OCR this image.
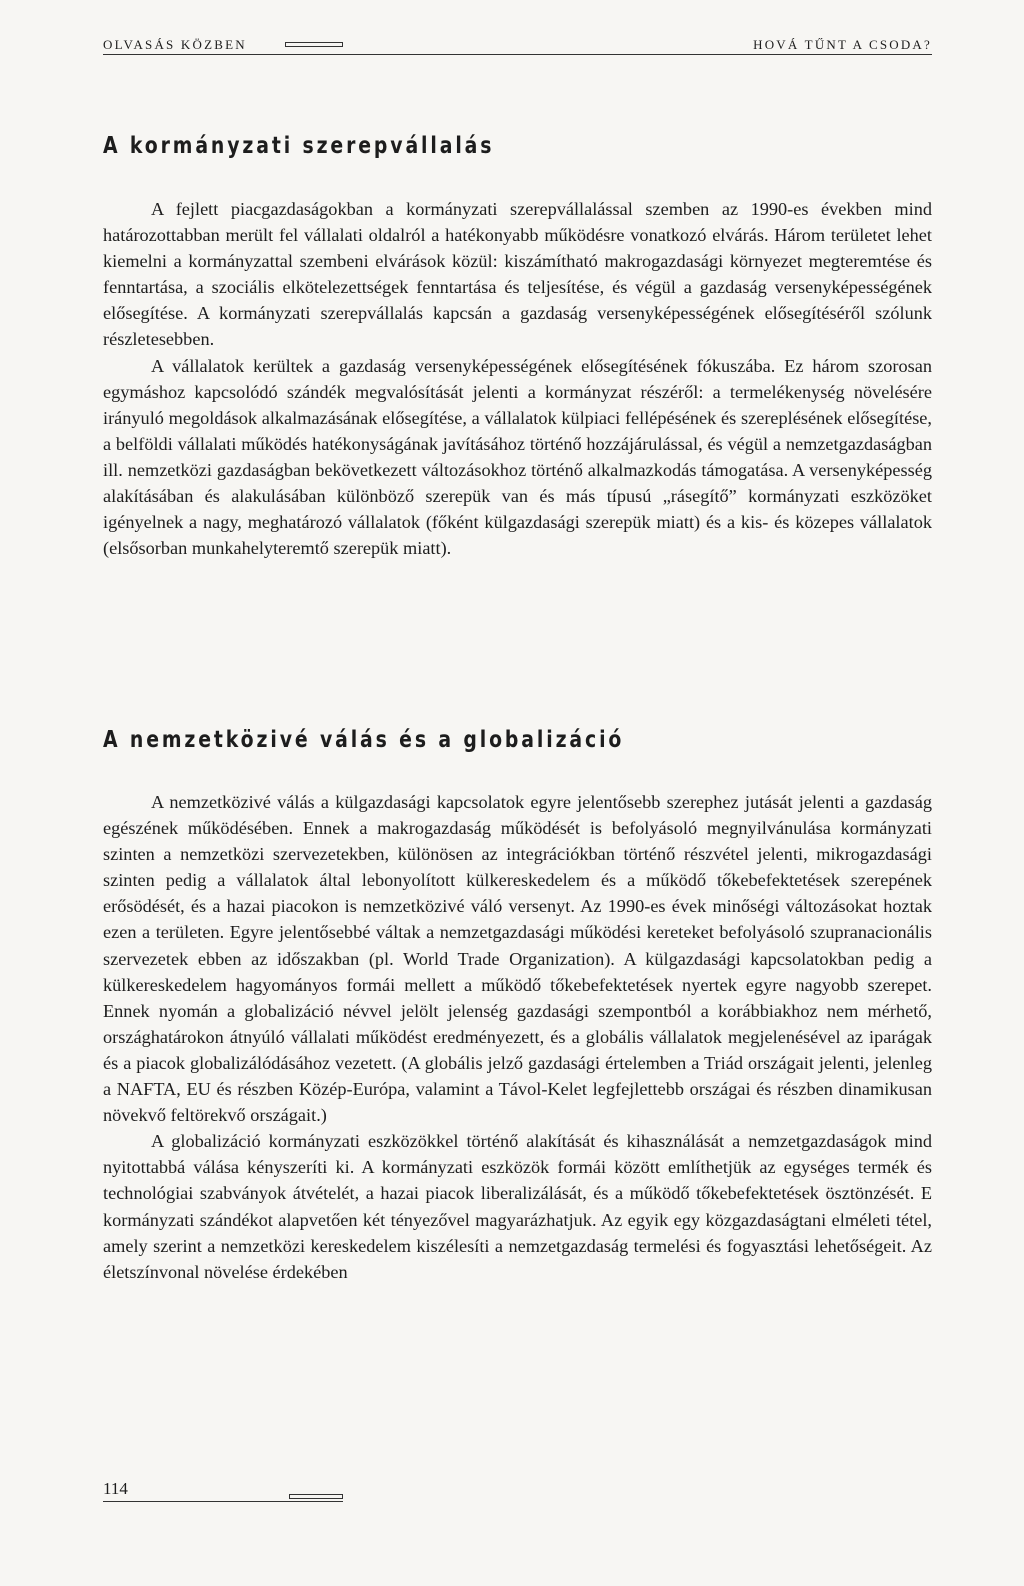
OLVASÁS KÖZBEN	HOVÁ TŰNT A CSODA?
A kormányzati szerepvállalás

A fejlett piacgazdaságokban a kormányzati szerepvállalással szemben az 1990-es években mind határozottabban merült fel vállalati oldalról a hatékonyabb működésre vonatkozó elvárás. Három területet lehet kiemelni a kormányzattal szembeni elvárások közül: kiszámítható makrogazdasági környezet megteremtése és fenntartása, a szociális elkötelezettségek fenntartása és teljesítése, és végül a gazdaság versenyképességének elősegítése. A kormányzati szerepvállalás kapcsán a gazdaság versenyképességének elősegítéséről szólunk részletesebben.

A vállalatok kerültek a gazdaság versenyképességének elősegítésének fókuszába. Ez három szorosan egymáshoz kapcsolódó szándék megvalósítását jelenti a kormányzat részéről: a termelékenység növelésére irányuló megoldások alkalmazásának elősegítése, a vállalatok külpiaci fellépésének és szereplésének elősegítése, a belföldi vállalati működés hatékonyságának javításához történő hozzájárulással, és végül a nemzetgazdaságban ill. nemzetközi gazdaságban bekövetkezett változásokhoz történő alkalmazkodás támogatása. A versenyképesség alakításában és alakulásában különböző szerepük van és más típusú „rásegítő” kormányzati eszközöket igényelnek a nagy, meghatározó vállalatok (főként külgazdasági szerepük miatt) és a kis- és közepes vállalatok (elsősorban munkahelyteremtő szerepük miatt).

A nemzetközivé válás és a globalizáció

A nemzetközivé válás a külgazdasági kapcsolatok egyre jelentősebb szerephez jutását jelenti a gazdaság egészének működésében. Ennek a makrogazdaság működését is befolyásoló megnyilvánulása kormányzati szinten a nemzetközi szervezetekben, különösen az integrációkban történő részvétel jelenti, mikrogazdasági szinten pedig a vállalatok által lebonyolított külkereskedelem és a működő tőkebefektetések szerepének erősödését, és a hazai piacokon is nemzetközivé váló versenyt. Az 1990-es évek minőségi változásokat hoztak ezen a területen. Egyre jelentősebbé váltak a nemzetgazdasági működési kereteket befolyásoló szupranacionális szervezetek ebben az időszakban (pl. World Trade Organization). A külgazdasági kapcsolatokban pedig a külkereskedelem hagyományos formái mellett a működő tőkebefektetések nyertek egyre nagyobb szerepet. Ennek nyomán a globalizáció névvel jelölt jelenség gazdasági szempontból a korábbiakhoz nem mérhető, országhatárokon átnyúló vállalati működést eredményezett, és a globális vállalatok megjelenésével az iparágak és a piacok globalizálódásához vezetett. (A globális jelző gazdasági értelemben a Triád országait jelenti, jelenleg a NAFTA, EU és részben Közép-Európa, valamint a Távol-Kelet legfejlettebb országai és részben dinamikusan növekvő feltörekvő országait.)

A globalizáció kormányzati eszközökkel történő alakítását és kihasználását a nemzetgazdaságok mind nyitottabbá válása kényszeríti ki. A kormányzati eszközök formái között említhetjük az egységes termék és technológiai szabványok átvételét, a hazai piacok liberalizálását, és a működő tőkebefektetések ösztönzését. E kormányzati szándékot alapvetően két tényezővel magyarázhatjuk. Az egyik egy közgazdaságtani elméleti tétel, amely szerint a nemzetközi kereskedelem kiszélesíti a nemzetgazdaság termelési és fogyasztási lehetőségeit. Az életszínvonal növelése érdekében

114
